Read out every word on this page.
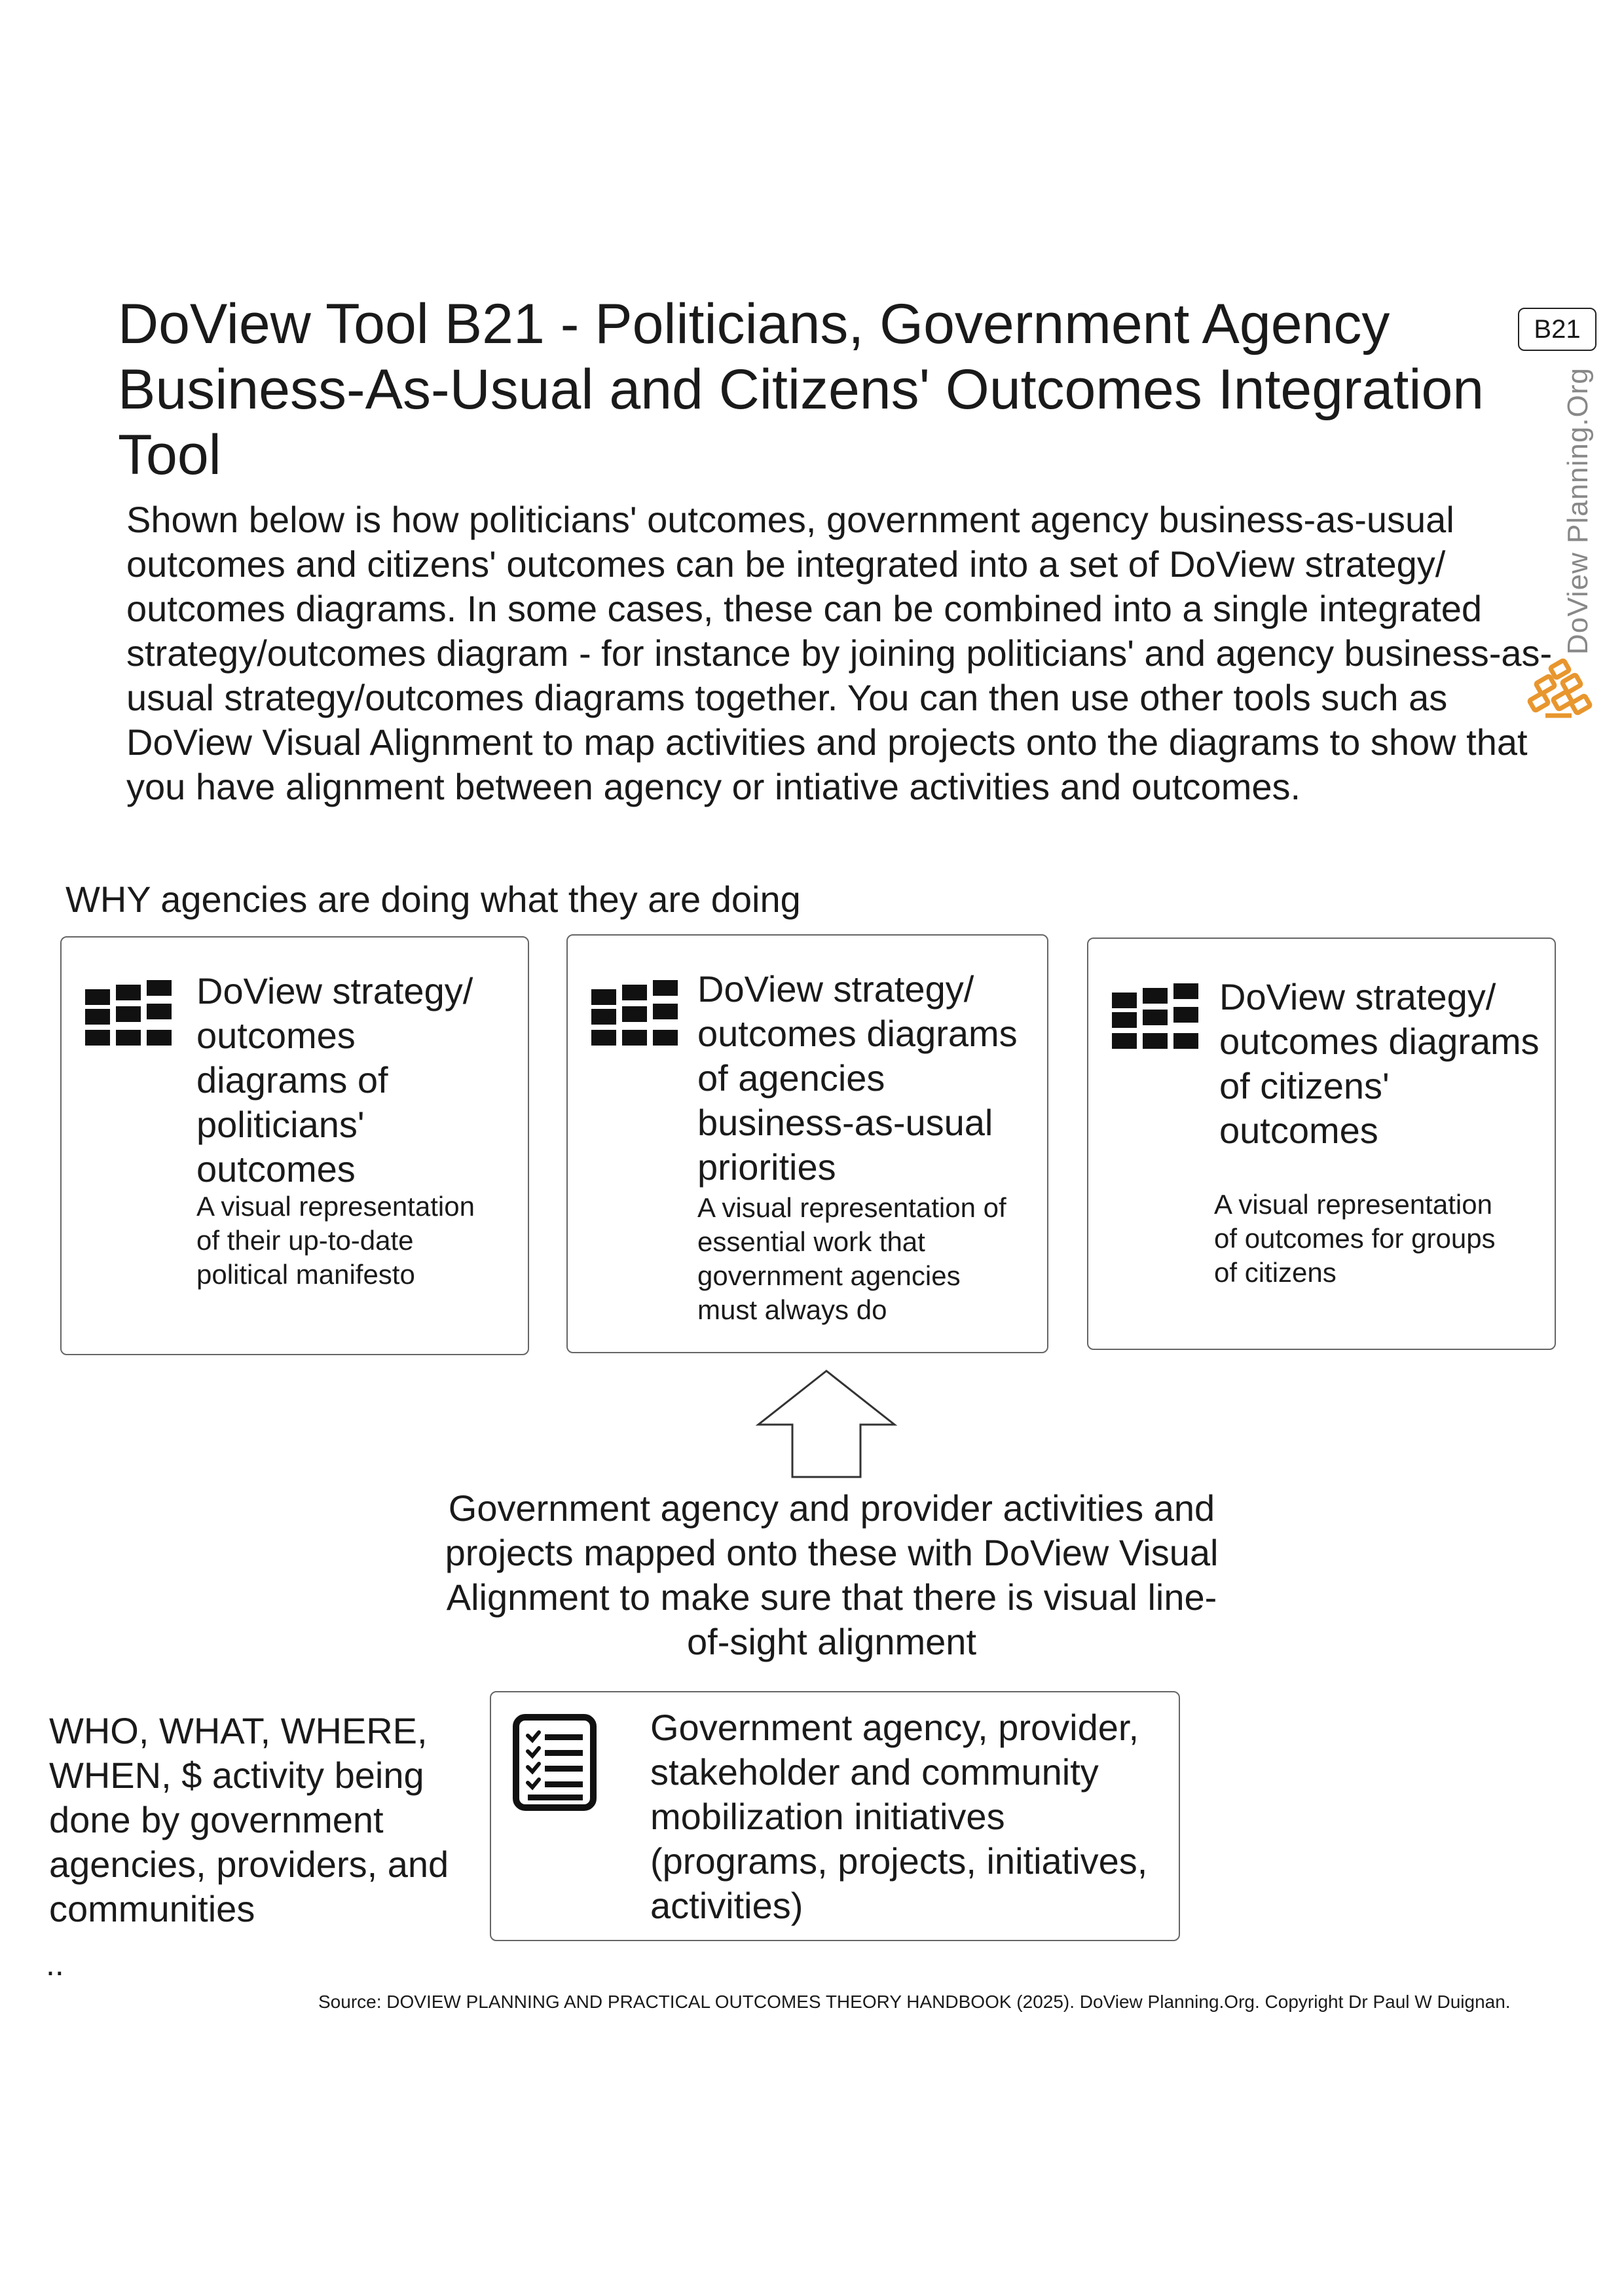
DoView Tool B21 - Politicians, Government Agency Business-As-Usual and Citizens' Outcomes Integration Tool
B21
DoView Planning.Org
Shown below is how politicians' outcomes, government agency business-as-usual outcomes and citizens' outcomes can be integrated into a set of DoView strategy/ outcomes diagrams. In some cases, these can be combined into a single integrated strategy/outcomes diagram - for instance by joining politicians' and agency business-as-usual strategy/outcomes diagrams together. You can then use other tools such as DoView Visual Alignment to map activities and projects onto the diagrams to show that you have alignment between agency or intiative activities and outcomes.
WHY agencies are doing what they are doing
DoView strategy/ outcomes diagrams of politicians' outcomes
A visual representation of their up-to-date political manifesto
DoView strategy/ outcomes diagrams of agencies business-as-usual priorities
A visual representation of essential work that government agencies must always do
DoView strategy/ outcomes diagrams of citizens' outcomes
A visual representation of outcomes for groups of citizens
Government agency and provider activities and projects mapped onto these with DoView Visual Alignment to make sure that there is visual line-of-sight alignment
WHO, WHAT, WHERE, WHEN, $ activity being done by government agencies, providers, and communities
Government agency, provider, stakeholder and community mobilization initiatives (programs, projects, initiatives, activities)
..
Source: DOVIEW PLANNING AND PRACTICAL OUTCOMES THEORY HANDBOOK (2025). DoView Planning.Org. Copyright Dr Paul W Duignan.
